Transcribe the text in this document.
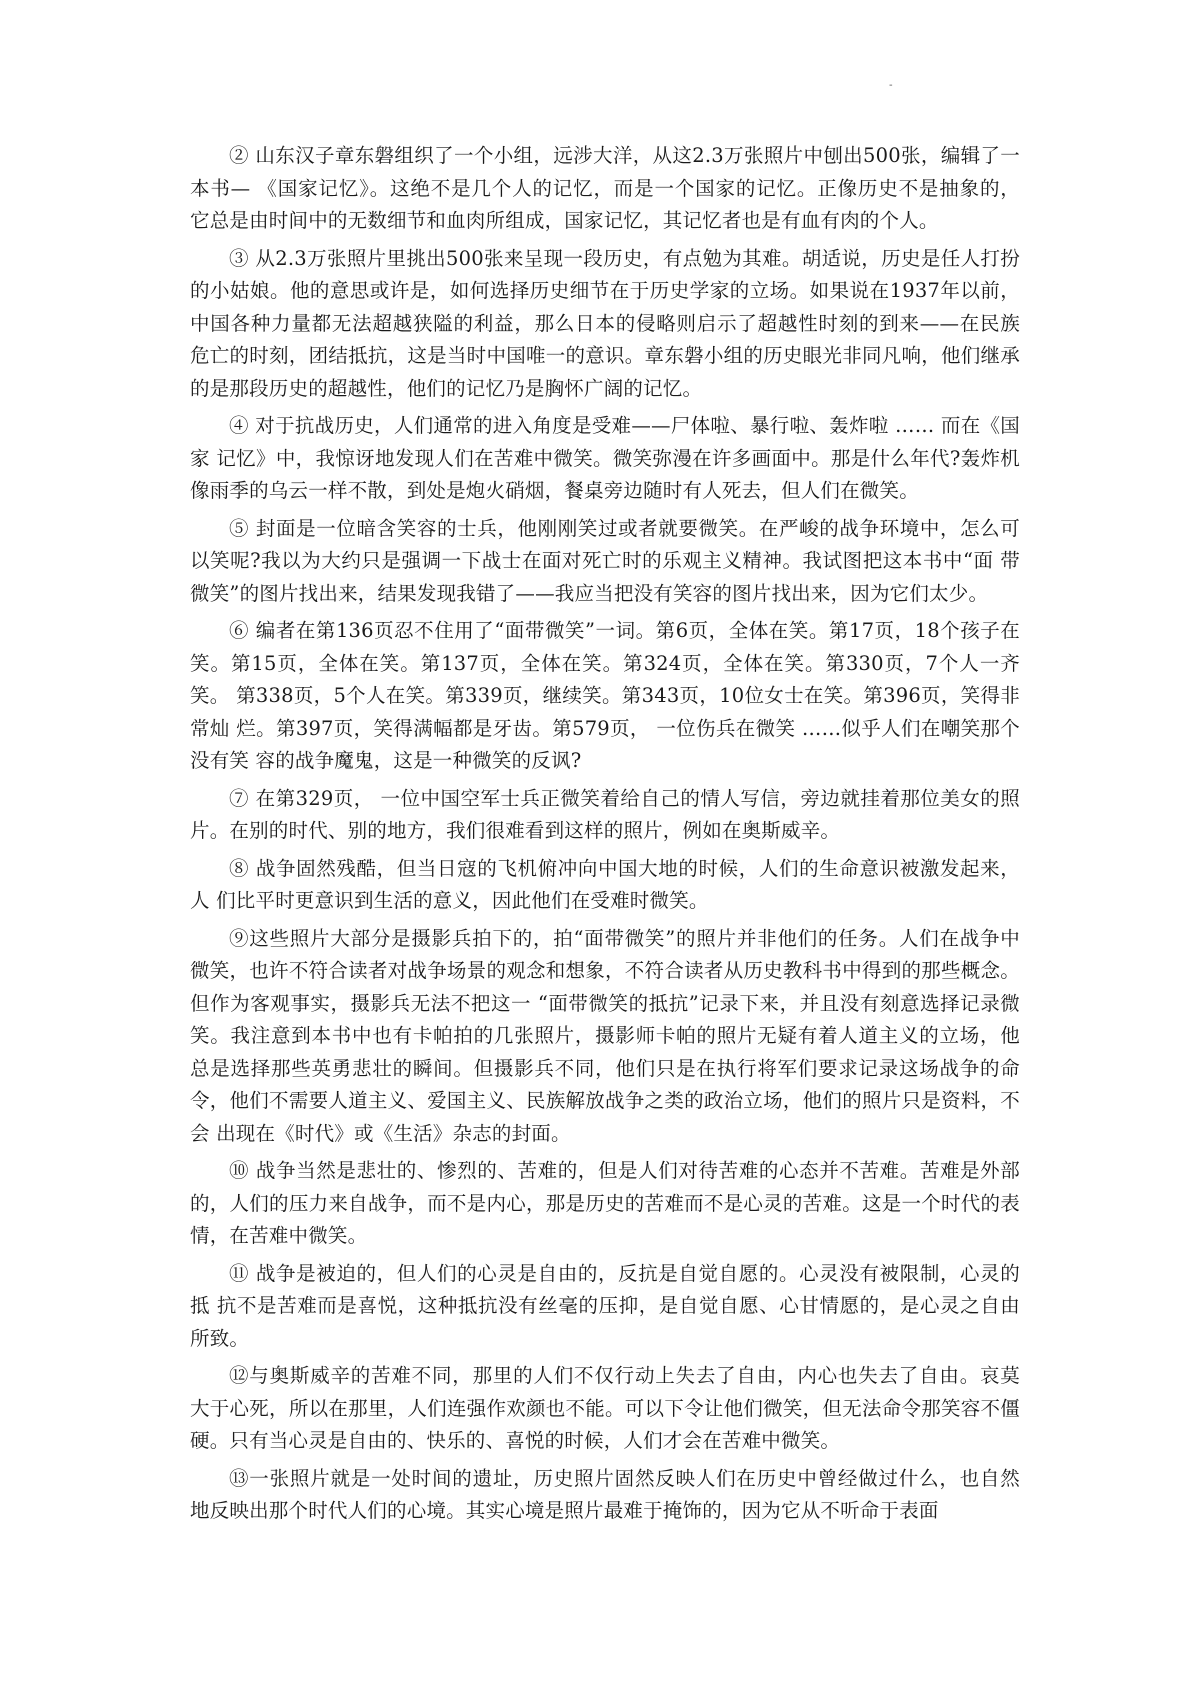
-

② 山东汉子章东磐组织了一个小组，远涉大洋，从这2.3万张照片中刨出500张，编辑了一 本书— 《国家记忆》。这绝不是几个人的记忆，而是一个国家的记忆。正像历史不是抽象的， 它总是由时间中的无数细节和血肉所组成，国家记忆，其记忆者也是有血有肉的个人。

③ 从2.3万张照片里挑出500张来呈现一段历史，有点勉为其难。胡适说，历史是任人打扮 的小姑娘。他的意思或许是，如何选择历史细节在于历史学家的立场。如果说在1937年以前， 中国各种力量都无法超越狭隘的利益，那么日本的侵略则启示了超越性时刻的到来——在民族 危亡的时刻，团结抵抗，这是当时中国唯一的意识。章东磐小组的历史眼光非同凡响，他们继承 的是那段历史的超越性，他们的记忆乃是胸怀广阔的记忆。

④ 对于抗战历史，人们通常的进入角度是受难——尸体啦、暴行啦、轰炸啦 …… 而在《国家 记忆》中，我惊讶地发现人们在苦难中微笑。微笑弥漫在许多画面中。那是什么年代?轰炸机 像雨季的乌云一样不散，到处是炮火硝烟，餐桌旁边随时有人死去，但人们在微笑。

⑤ 封面是一位暗含笑容的士兵，他刚刚笑过或者就要微笑。在严峻的战争环境中，怎么可 以笑呢?我以为大约只是强调一下战士在面对死亡时的乐观主义精神。我试图把这本书中“面 带微笑”的图片找出来，结果发现我错了——我应当把没有笑容的图片找出来，因为它们太少。

⑥ 编者在第136页忍不住用了“面带微笑”一词。第6页，全体在笑。第17页，18个孩子在 笑。第15页，全体在笑。第137页，全体在笑。第324页，全体在笑。第330页，7个人一齐笑。 第338页，5个人在笑。第339页，继续笑。第343页，10位女士在笑。第396页，笑得非常灿 烂。第397页，笑得满幅都是牙齿。第579页， 一位伤兵在微笑 ……似乎人们在嘲笑那个没有笑 容的战争魔鬼，这是一种微笑的反讽?

⑦ 在第329页， 一位中国空军士兵正微笑着给自己的情人写信，旁边就挂着那位美女的照 片。在别的时代、别的地方，我们很难看到这样的照片，例如在奥斯威辛。

⑧ 战争固然残酷，但当日寇的飞机俯冲向中国大地的时候，人们的生命意识被激发起来，人 们比平时更意识到生活的意义，因此他们在受难时微笑。

⑨这些照片大部分是摄影兵拍下的，拍“面带微笑”的照片并非他们的任务。人们在战争中 微笑，也许不符合读者对战争场景的观念和想象，不符合读者从历史教科书中得到的那些概念。 但作为客观事实，摄影兵无法不把这一 “面带微笑的抵抗”记录下来，并且没有刻意选择记录微 笑。我注意到本书中也有卡帕拍的几张照片，摄影师卡帕的照片无疑有着人道主义的立场，他 总是选择那些英勇悲壮的瞬间。但摄影兵不同，他们只是在执行将军们要求记录这场战争的命 令，他们不需要人道主义、爱国主义、民族解放战争之类的政治立场，他们的照片只是资料，不会 出现在《时代》或《生活》杂志的封面。

⑩ 战争当然是悲壮的、惨烈的、苦难的，但是人们对待苦难的心态并不苦难。苦难是外部 的，人们的压力来自战争，而不是内心，那是历史的苦难而不是心灵的苦难。这是一个时代的表 情，在苦难中微笑。

⑪ 战争是被迫的，但人们的心灵是自由的，反抗是自觉自愿的。心灵没有被限制，心灵的抵 抗不是苦难而是喜悦，这种抵抗没有丝毫的压抑，是自觉自愿、心甘情愿的，是心灵之自由所致。

⑫与奥斯威辛的苦难不同，那里的人们不仅行动上失去了自由，内心也失去了自由。哀莫 大于心死，所以在那里，人们连强作欢颜也不能。可以下令让他们微笑，但无法命令那笑容不僵 硬。只有当心灵是自由的、快乐的、喜悦的时候，人们才会在苦难中微笑。

⑬一张照片就是一处时间的遗址，历史照片固然反映人们在历史中曾经做过什么，也自然 地反映出那个时代人们的心境。其实心境是照片最难于掩饰的，因为它从不听命于表面
